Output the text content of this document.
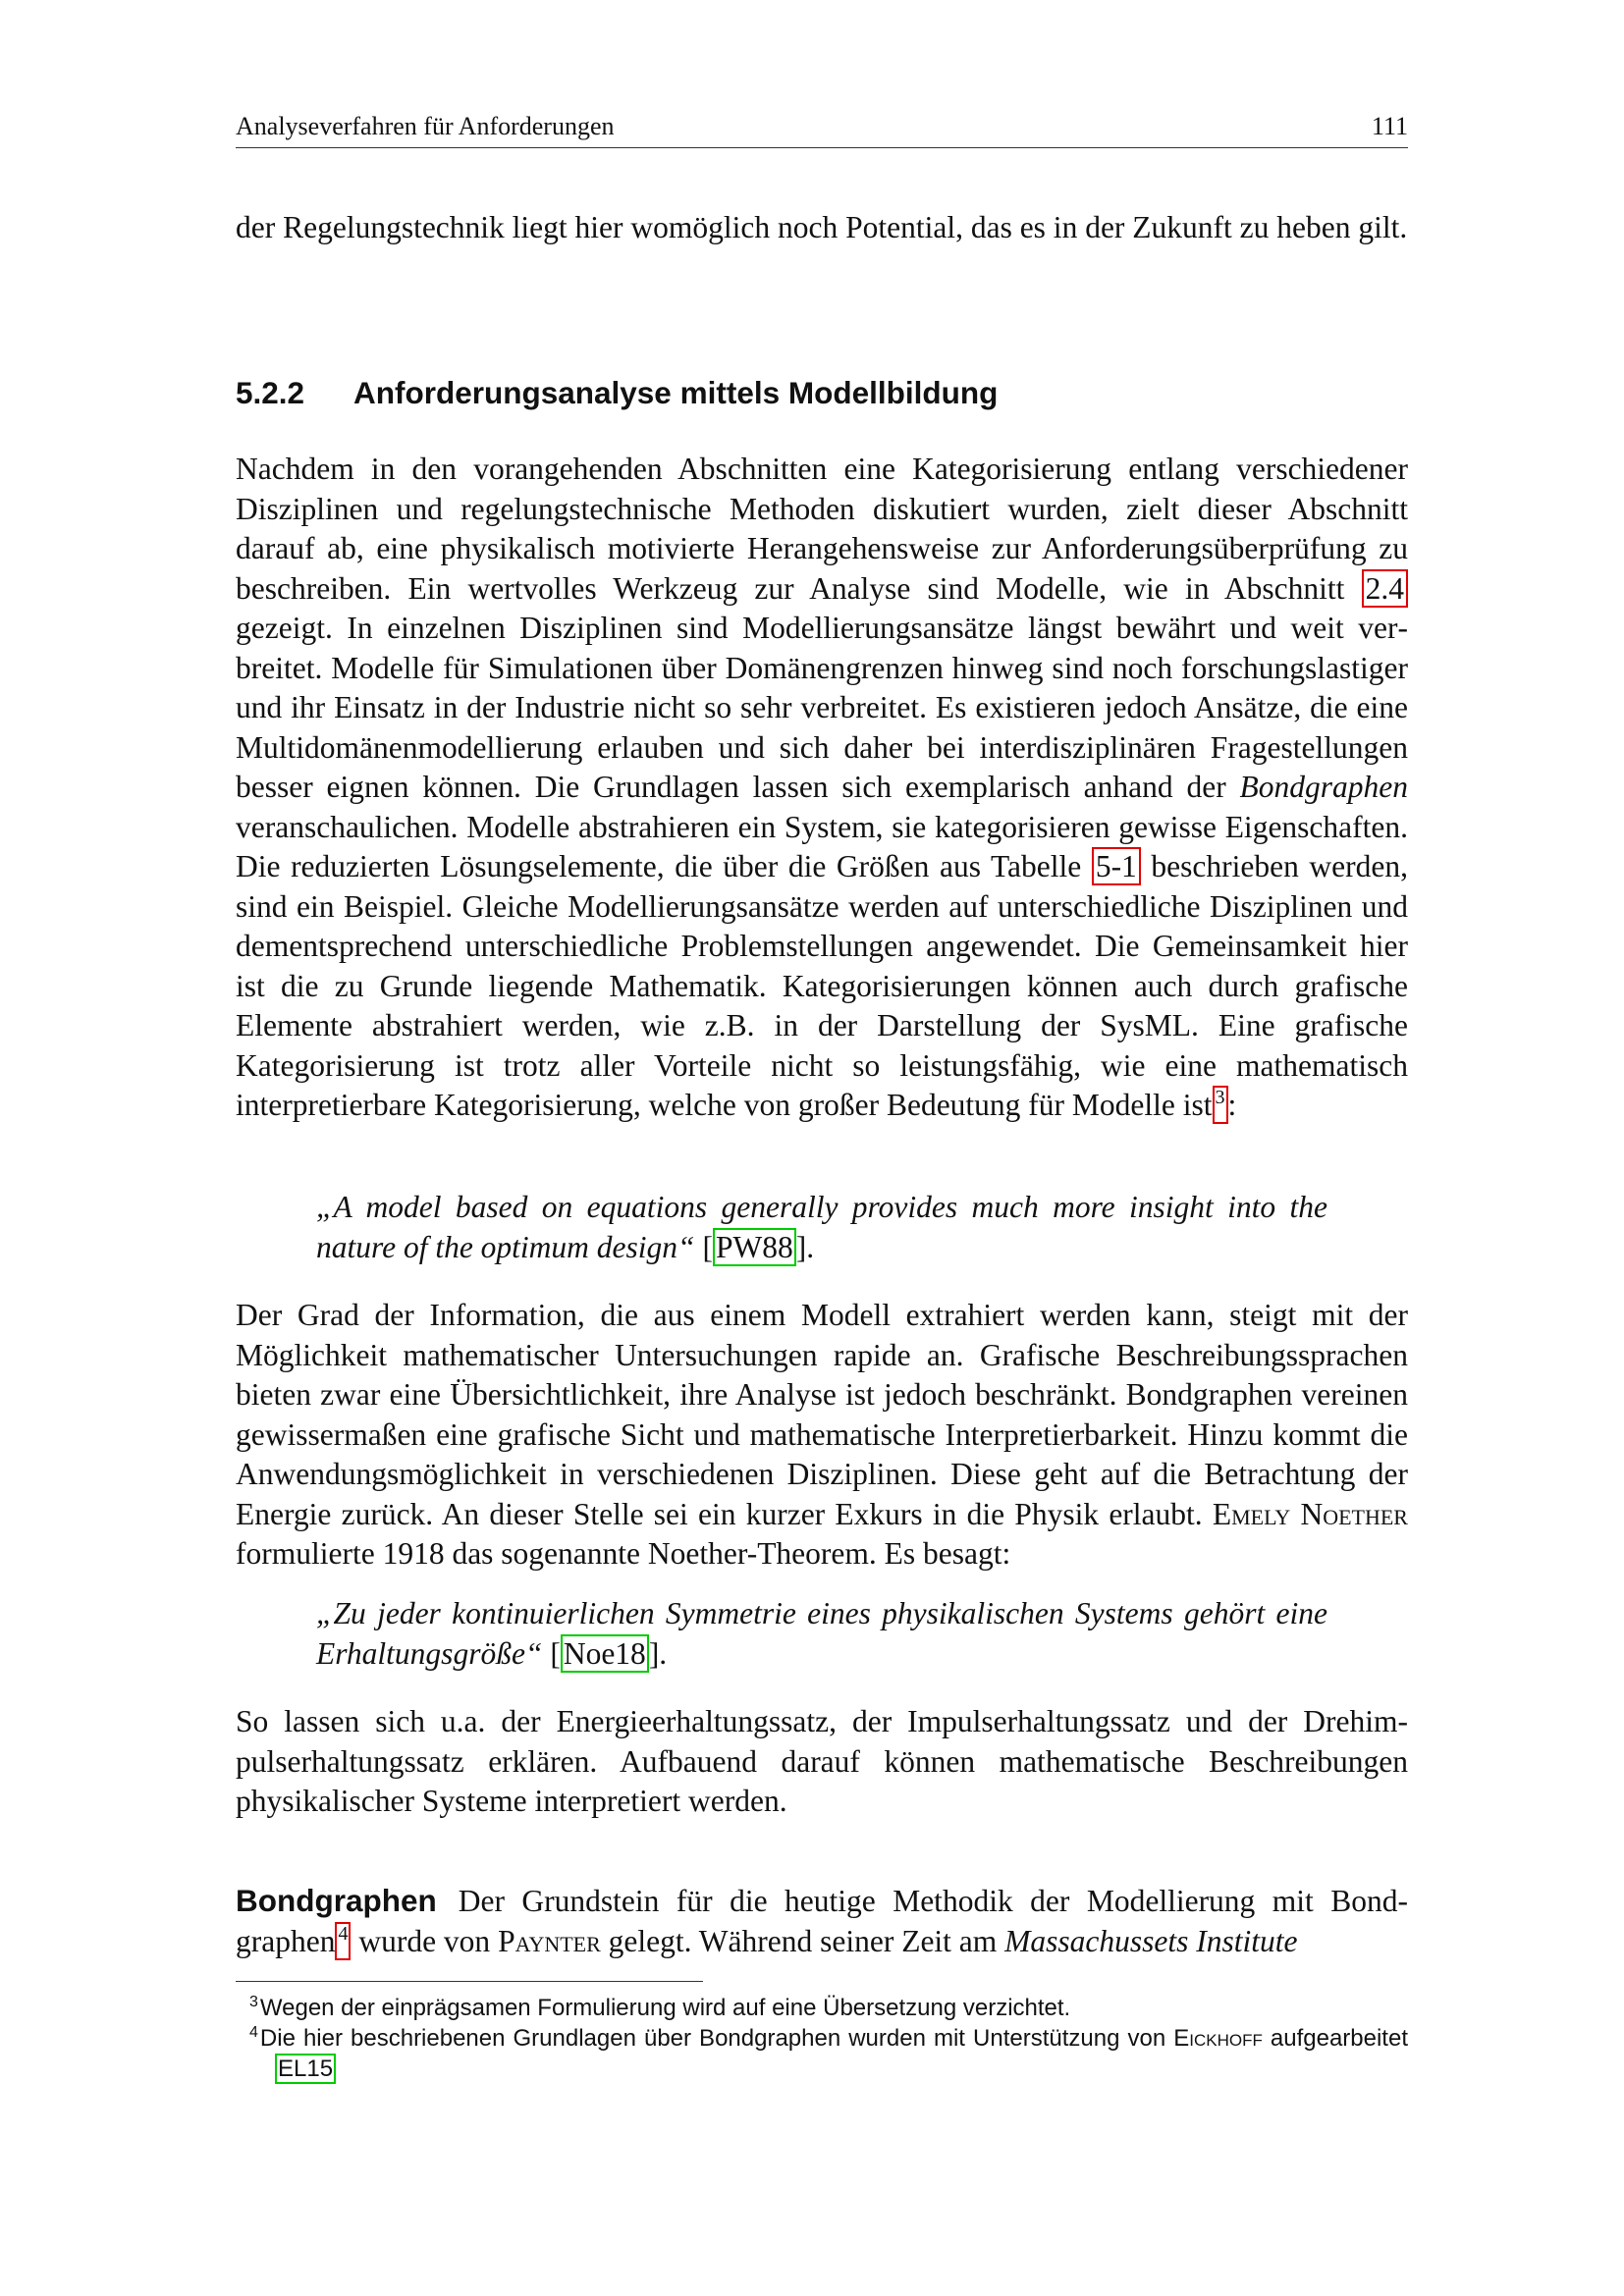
Analyseverfahren für Anforderungen	111

der Regelungstechnik liegt hier womöglich noch Potential, das es in der Zukunft zu heben gilt.

5.2.2 Anforderungsanalyse mittels Modellbildung

Nachdem in den vorangehenden Abschnitten eine Kategorisierung entlang verschiedener Disziplinen und regelungstechnische Methoden diskutiert wurden, zielt dieser Abschnitt darauf ab, eine physikalisch motivierte Herangehensweise zur Anforderungsüberprüfung zu beschreiben. Ein wertvolles Werkzeug zur Analyse sind Modelle, wie in Abschnitt 2.4 gezeigt. In einzelnen Disziplinen sind Modellierungsansätze längst bewährt und weit verbreitet. Modelle für Simulationen über Domänengrenzen hinweg sind noch forschungslastiger und ihr Einsatz in der Industrie nicht so sehr verbreitet. Es existieren jedoch Ansätze, die eine Multidomänenmodellierung erlauben und sich daher bei interdisziplinären Fragestellungen besser eignen können. Die Grundlagen lassen sich exemplarisch anhand der Bondgraphen veranschaulichen. Modelle abstrahieren ein System, sie kategorisieren gewisse Eigenschaften. Die reduzierten Lösungselemente, die über die Größen aus Tabelle 5-1 beschrieben werden, sind ein Beispiel. Gleiche Modellierungsansätze werden auf unterschiedliche Disziplinen und dementsprechend unterschiedliche Problemstellungen angewendet. Die Gemeinsamkeit hier ist die zu Grunde liegende Mathematik. Kategorisierungen können auch durch grafische Elemente abstrahiert werden, wie z.B. in der Darstellung der SysML. Eine grafische Kategorisierung ist trotz aller Vorteile nicht so leistungsfähig, wie eine mathematisch interpretierbare Kategorisierung, welche von großer Bedeutung für Modelle ist $^3$:

„A model based on equations generally provides much more insight into the nature of the optimum design“ [PW88].

Der Grad der Information, die aus einem Modell extrahiert werden kann, steigt mit der Möglichkeit mathematischer Untersuchungen rapide an. Grafische Beschreibungssprachen bieten zwar eine Übersichtlichkeit, ihre Analyse ist jedoch beschränkt. Bondgraphen vereinen gewissermaßen eine grafische Sicht und mathematische Interpretierbarkeit. Hinzu kommt die Anwendungsmöglichkeit in verschiedenen Disziplinen. Diese geht auf die Betrachtung der Energie zurück. An dieser Stelle sei ein kurzer Exkurs in die Physik erlaubt. Emely Noether formulierte 1918 das sogenannte Noether-Theorem. Es besagt:

„Zu jeder kontinuierlichen Symmetrie eines physikalischen Systems gehört eine Erhaltungsgröße“ [Noe18].

So lassen sich u.a. der Energieerhaltungssatz, der Impulserhaltungssatz und der Drehimpulserhaltungssatz erklären. Aufbauend darauf können mathematische Beschreibungen physikalischer Systeme interpretiert werden.

Bondgraphen Der Grundstein für die heutige Methodik der Modellierung mit Bondgraphen $^4$ wurde von Paynter gelegt. Während seiner Zeit am Massachussets Institute

$^3$Wegen der einprägsamen Formulierung wird auf eine Übersetzung verzichtet.
$^4$Die hier beschriebenen Grundlagen über Bondgraphen wurden mit Unterstützung von Eickhoff aufgearbeitet EL15
